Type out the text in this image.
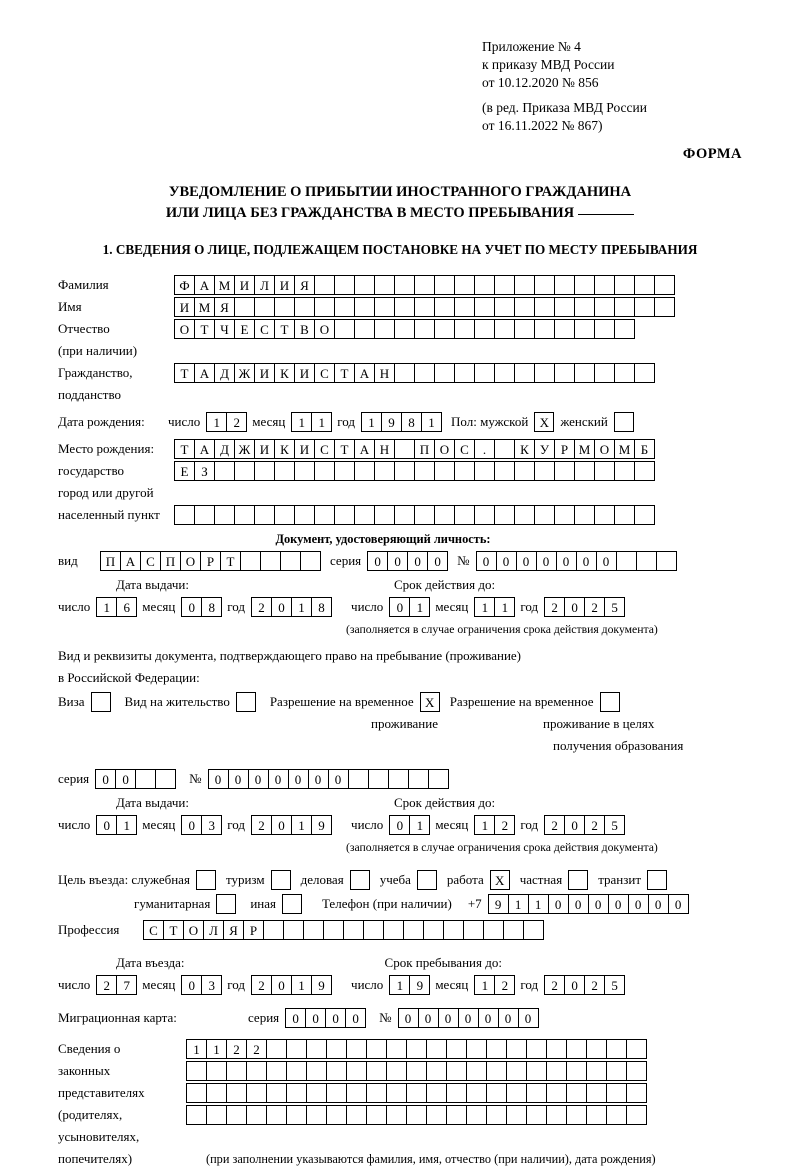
Приложение № 4
к приказу МВД России
от 10.12.2020 № 856
(в ред. Приказа МВД России
от 16.11.2022 № 867)
ФОРМА
УВЕДОМЛЕНИЕ О ПРИБЫТИИ ИНОСТРАННОГО ГРАЖДАНИНА
ИЛИ ЛИЦА БЕЗ ГРАЖДАНСТВА В МЕСТО ПРЕБЫВАНИЯ
1. СВЕДЕНИЯ О ЛИЦЕ, ПОДЛЕЖАЩЕМ ПОСТАНОВКЕ НА УЧЕТ ПО МЕСТУ ПРЕБЫВАНИЯ
Фамилия	Ф А М И Л И Я
Имя	И М Я
Отчество	О Т Ч Е С Т В О
(при наличии)
Гражданство,	Т А Д Ж И К И С Т А Н
подданство
Дата рождения:	число	1	2 месяц	1	1 год	1	9	8	1	Пол: мужской X женский
Место рождения:	Т А Д Ж И К И С Т А Н	П О С	.	К У Р М О М Б
государство	Е З
город или другой
населенный пункт
Документ, удостоверяющий личность:
вид	П А С П О Р Т	серия	0	0	0	0	№	0	0	0	0	0	0	0
Дата выдачи:	Срок действия до:
число	1	6 месяц	0	8 год	2	0	1	8	число	0	1 месяц	1	1 год	2	0	2	5
(заполняется в случае ограничения срока действия документа)
Вид и реквизиты документа, подтверждающего право на пребывание (проживание)
в Российской Федерации:
Виза	Вид на жительство	Разрешение на временное X	Разрешение на временное
проживание	проживание в целях
получения образования
серия	0	0	№	0	0	0	0	0	0	0
Дата выдачи:	Срок действия до:
число	0	1 месяц	0	3 год	2	0	1	9	число	0	1 месяц	1	2 год	2	0	2	5
(заполняется в случае ограничения срока действия документа)
Цель въезда: служебная	туризм	деловая	учеба	работа X	частная	транзит
гуманитарная	иная	Телефон (при наличии) +7	9	1	1	0	0	0	0	0	0	0
Профессия	С Т О Л Я Р
Дата въезда:	Срок пребывания до:
число	2	7 месяц	0	3 год	2	0	1	9	число	1	9 месяц	1	2 год	2	0	2	5
Миграционная карта:	серия	0	0	0	0	№	0	0	0	0	0	0	0
Сведения о	1	1	2	2
законных
представителях
(родителях,
усыновителях,
попечителях)	(при заполнении указываются фамилия, имя, отчество (при наличии), дата рождения)
